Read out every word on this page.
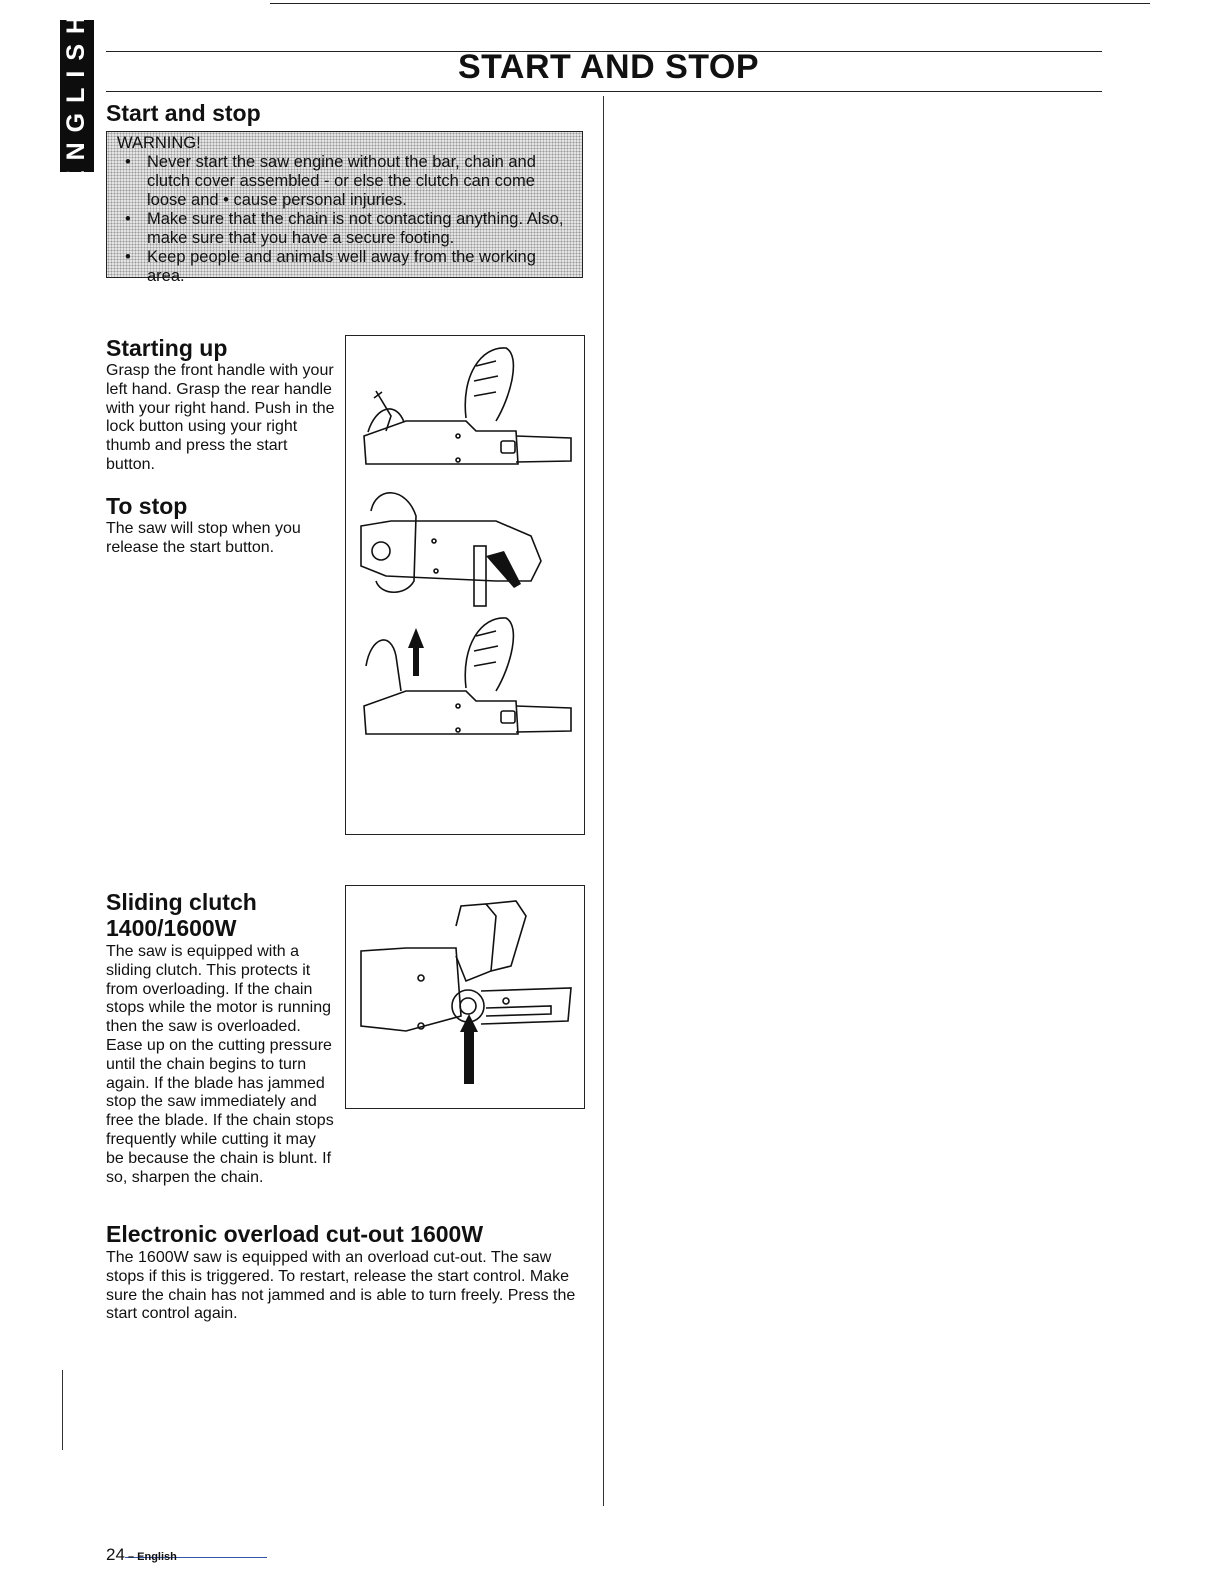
ENGLISH	START AND STOP
Start and stop

WARNING!

• Never start the saw engine without the bar, chain and clutch cover assembled - or else the clutch can come loose and • cause personal injuries.
• Make sure that the chain is not contacting anything. Also, make sure that you have a secure footing.
• Keep people and animals well away from the working area.
Starting up

Grasp the front handle with your left hand. Grasp the rear handle with your right hand. Push in the lock button using your right thumb and press the start button.

To stop

The saw will stop when you release the start button.

Sliding clutch
1400/1600W

The saw is equipped with a sliding clutch. This protects it from overloading. If the chain stops while the motor is running then the saw is overloaded. Ease up on the cutting pressure until the chain begins to turn again. If the blade has jammed stop the saw immediately and free the blade. If the chain stops frequently while cutting it may be because the chain is blunt. If so, sharpen the chain.

Electronic overload cut-out 1600W

The 1600W saw is equipped with an overload cut-out. The saw stops if this is triggered. To restart, release the start control. Make sure the chain has not jammed and is able to turn freely. Press the start control again.

24 – English
